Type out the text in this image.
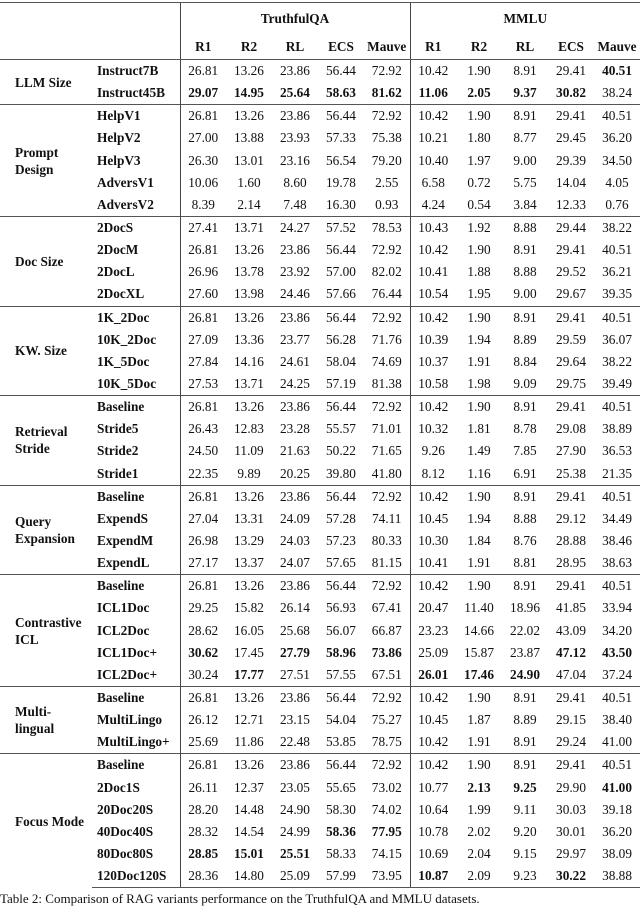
		TruthfulQA					MMLU				
		R1	R2	RL	ECS	Mauve	R1	R2	RL	ECS	Mauve
LLM Size	Instruct7B	26.81	13.26	23.86	56.44	72.92	10.42	1.90	8.91	29.41	40.51
	Instruct45B	29.07	14.95	25.64	58.63	81.62	11.06	2.05	9.37	30.82	38.24
Prompt Design	HelpV1	26.81	13.26	23.86	56.44	72.92	10.42	1.90	8.91	29.41	40.51
	HelpV2	27.00	13.88	23.93	57.33	75.38	10.21	1.80	8.77	29.45	36.20
	HelpV3	26.30	13.01	23.16	56.54	79.20	10.40	1.97	9.00	29.39	34.50
	AdversV1	10.06	1.60	8.60	19.78	2.55	6.58	0.72	5.75	14.04	4.05
	AdversV2	8.39	2.14	7.48	16.30	0.93	4.24	0.54	3.84	12.33	0.76
Doc Size	2DocS	27.41	13.71	24.27	57.52	78.53	10.43	1.92	8.88	29.44	38.22
	2DocM	26.81	13.26	23.86	56.44	72.92	10.42	1.90	8.91	29.41	40.51
	2DocL	26.96	13.78	23.92	57.00	82.02	10.41	1.88	8.88	29.52	36.21
	2DocXL	27.60	13.98	24.46	57.66	76.44	10.54	1.95	9.00	29.67	39.35
KW. Size	1K_2Doc	26.81	13.26	23.86	56.44	72.92	10.42	1.90	8.91	29.41	40.51
	10K_2Doc	27.09	13.36	23.77	56.28	71.76	10.39	1.94	8.89	29.59	36.07
	1K_5Doc	27.84	14.16	24.61	58.04	74.69	10.37	1.91	8.84	29.64	38.22
	10K_5Doc	27.53	13.71	24.25	57.19	81.38	10.58	1.98	9.09	29.75	39.49
Retrieval Stride	Baseline	26.81	13.26	23.86	56.44	72.92	10.42	1.90	8.91	29.41	40.51
	Stride5	26.43	12.83	23.28	55.57	71.01	10.32	1.81	8.78	29.08	38.89
	Stride2	24.50	11.09	21.63	50.22	71.65	9.26	1.49	7.85	27.90	36.53
	Stride1	22.35	9.89	20.25	39.80	41.80	8.12	1.16	6.91	25.38	21.35
Query Expansion	Baseline	26.81	13.26	23.86	56.44	72.92	10.42	1.90	8.91	29.41	40.51
	ExpendS	27.04	13.31	24.09	57.28	74.11	10.45	1.94	8.88	29.12	34.49
	ExpendM	26.98	13.29	24.03	57.23	80.33	10.30	1.84	8.76	28.88	38.46
	ExpendL	27.17	13.37	24.07	57.65	81.15	10.41	1.91	8.81	28.95	38.63
Contrastive ICL	Baseline	26.81	13.26	23.86	56.44	72.92	10.42	1.90	8.91	29.41	40.51
	ICL1Doc	29.25	15.82	26.14	56.93	67.41	20.47	11.40	18.96	41.85	33.94
	ICL2Doc	28.62	16.05	25.68	56.07	66.87	23.23	14.66	22.02	43.09	34.20
	ICL1Doc+	30.62	17.45	27.79	58.96	73.86	25.09	15.87	23.87	47.12	43.50
	ICL2Doc+	30.24	17.77	27.51	57.55	67.51	26.01	17.46	24.90	47.04	37.24
Multi- lingual	Baseline	26.81	13.26	23.86	56.44	72.92	10.42	1.90	8.91	29.41	40.51
	MultiLingo	26.12	12.71	23.15	54.04	75.27	10.45	1.87	8.89	29.15	38.40
	MultiLingo+	25.69	11.86	22.48	53.85	78.75	10.42	1.91	8.91	29.24	41.00
Focus Mode	Baseline	26.81	13.26	23.86	56.44	72.92	10.42	1.90	8.91	29.41	40.51
	2Doc1S	26.11	12.37	23.05	55.65	73.02	10.77	2.13	9.25	29.90	41.00
	20Doc20S	28.20	14.48	24.90	58.30	74.02	10.64	1.99	9.11	30.03	39.18
	40Doc40S	28.32	14.54	24.99	58.36	77.95	10.78	2.02	9.20	30.01	36.20
	80Doc80S	28.85	15.01	25.51	58.33	74.15	10.69	2.04	9.15	29.97	38.09
	120Doc120S	28.36	14.80	25.09	57.99	73.95	10.87	2.09	9.23	30.22	38.88
Table 2: Comparison of RAG variants performance on the TruthfulQA and MMLU datasets.
